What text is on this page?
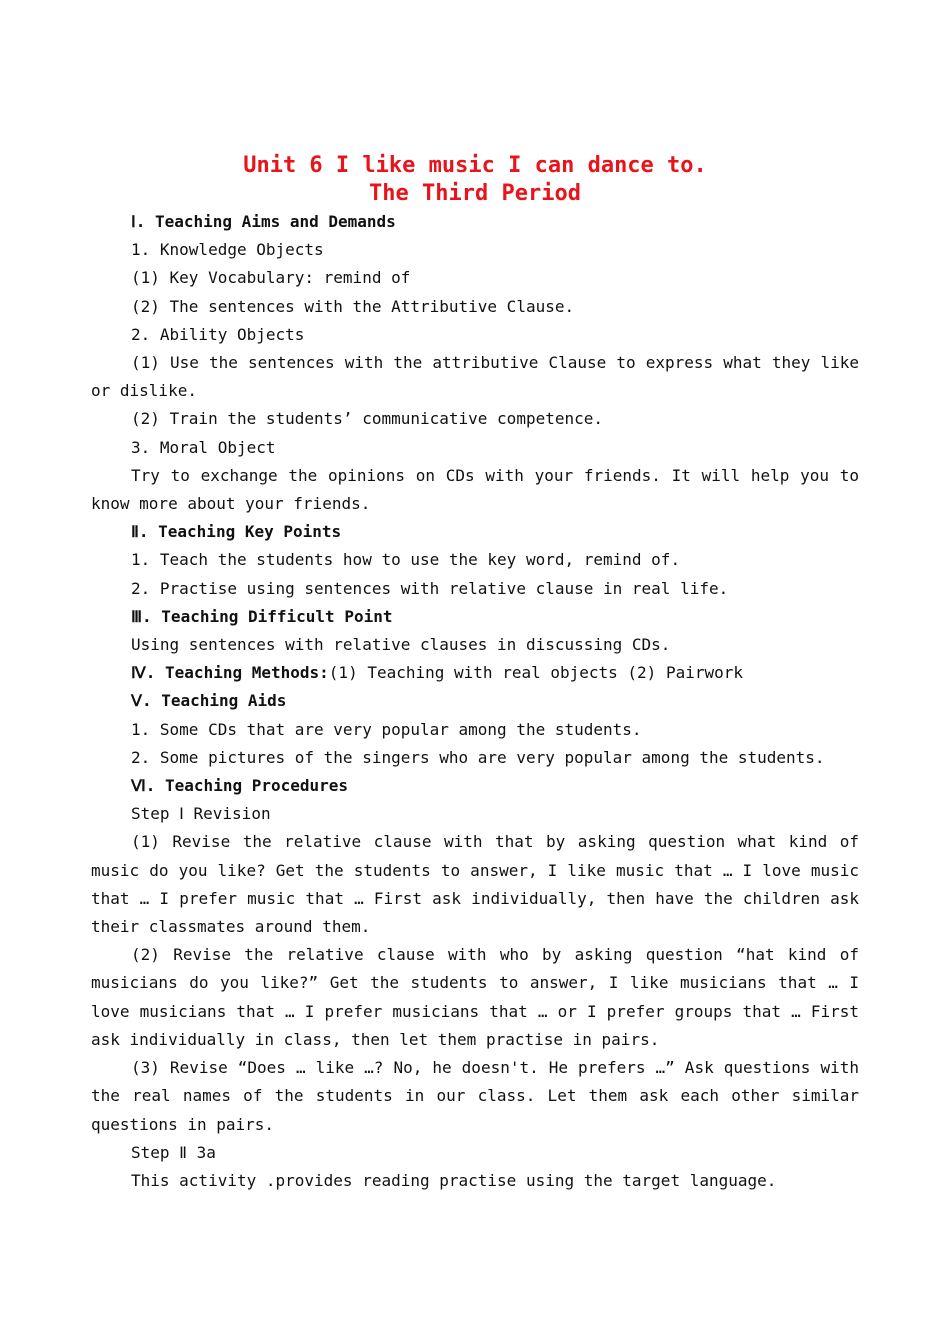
Unit 6 I like music I can dance to.

The Third Period

Ⅰ. Teaching Aims and Demands

1. Knowledge Objects

(1) Key Vocabulary: remind of

(2) The sentences with the Attributive Clause.

2. Ability Objects

(1) Use the sentences with the attributive Clause to express what they like or dislike.

(2) Train the students’ communicative competence.

3. Moral Object

Try to exchange the opinions on CDs with your friends. It will help you to know more about your friends.

Ⅱ. Teaching Key Points

1. Teach the students how to use the key word, remind of.

2. Practise using sentences with relative clause in real life.

Ⅲ. Teaching Difficult Point

Using sentences with relative clauses in discussing CDs.

Ⅳ. Teaching Methods:(1) Teaching with real objects (2) Pairwork

Ⅴ. Teaching Aids

1. Some CDs that are very popular among the students.

2. Some pictures of the singers who are very popular among the students.

Ⅵ. Teaching Procedures

Step Ⅰ Revision

(1) Revise the relative clause with that by asking question what kind of music do you like? Get the students to answer, I like music that … I love music that … I prefer music that … First ask individually, then have the children ask their classmates around them.

(2) Revise the relative clause with who by asking question “hat kind of musicians do you like?” Get the students to answer, I like musicians that … I love musicians that … I prefer musicians that … or I prefer groups that … First ask individually in class, then let them practise in pairs.

(3) Revise “Does … like …? No, he doesn't. He prefers …” Ask questions with the real names of the students in our class. Let them ask each other similar questions in pairs.

Step Ⅱ 3a

This activity .provides reading practise using the target language.
